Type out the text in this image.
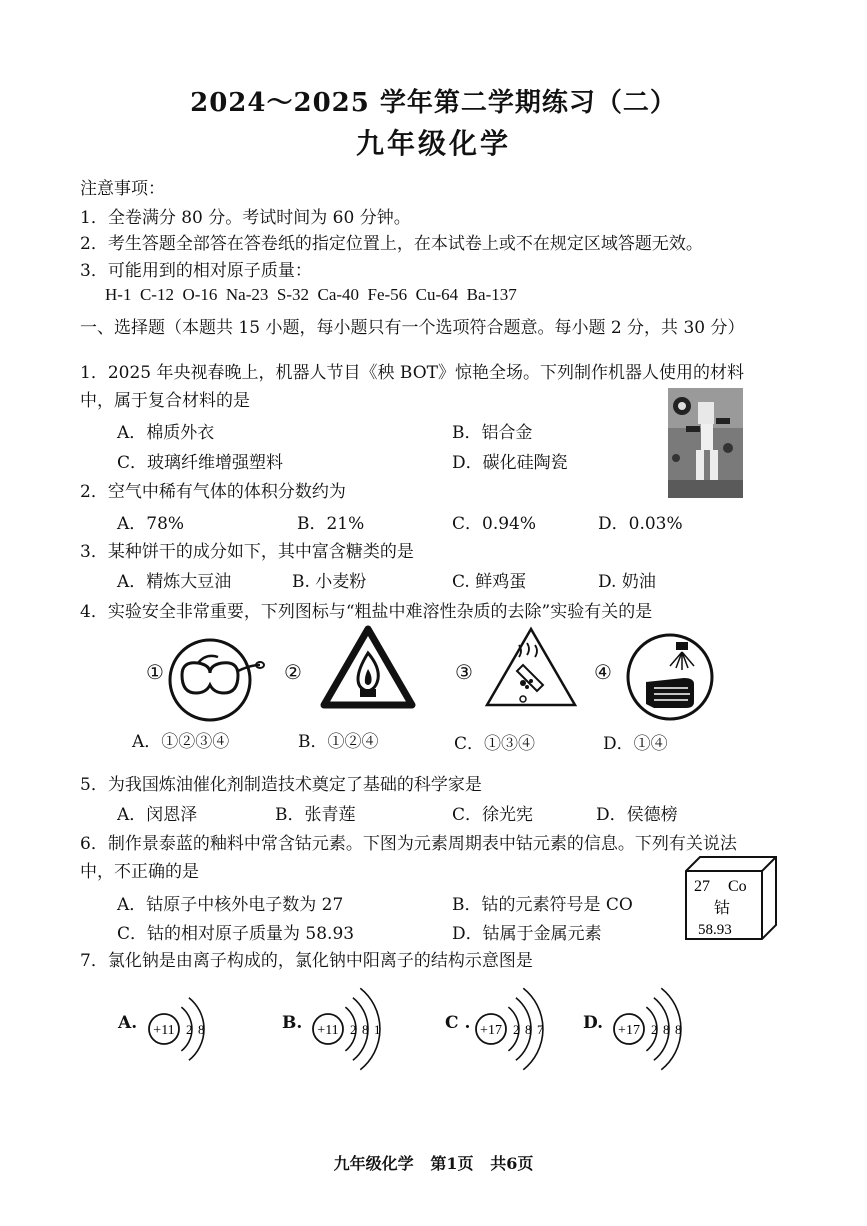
2024～2025 学年第二学期练习（二）
九年级化学
注意事项：
1．全卷满分 80 分。考试时间为 60 分钟。
2．考生答题全部答在答卷纸的指定位置上，在本试卷上或不在规定区域答题无效。
3．可能用到的相对原子质量：
H-1  C-12  O-16  Na-23  S-32  Ca-40  Fe-56  Cu-64  Ba-137
一、选择题（本题共 15 小题，每小题只有一个选项符合题意。每小题 2 分，共 30 分）
1．2025 年央视春晚上，机器人节目《秧 BOT》惊艳全场。下列制作机器人使用的材料
中，属于复合材料的是
A．棉质外衣	B．铝合金
C．玻璃纤维增强塑料	D．碳化硅陶瓷
2．空气中稀有气体的体积分数约为
A．78%	B．21%	C．0.94%	D．0.03%
3．某种饼干的成分如下，其中富含糖类的是
A．精炼大豆油	B. 小麦粉	C. 鲜鸡蛋	D. 奶油
4．实验安全非常重要，下列图标与“粗盐中难溶性杂质的去除”实验有关的是
①	②	③	④
A．①②③④	B．①②④	C．①③④	D．①④
5．为我国炼油催化剂制造技术奠定了基础的科学家是
A．闵恩泽	B．张青莲	C．徐光宪	D．侯德榜
6．制作景泰蓝的釉料中常含钴元素。下图为元素周期表中钴元素的信息。下列有关说法
中，不正确的是
A．钴原子中核外电子数为 27	B．钴的元素符号是 CO
C．钴的相对原子质量为 58.93	D．钴属于金属元素
27 Co
钴
58.93
7．氯化钠是由离子构成的，氯化钠中阳离子的结构示意图是
A. +11 2 8	B. +11 2 8 1	C . +17 2 8 7 D. +17 2 8 8
九年级化学   第1页   共6页
